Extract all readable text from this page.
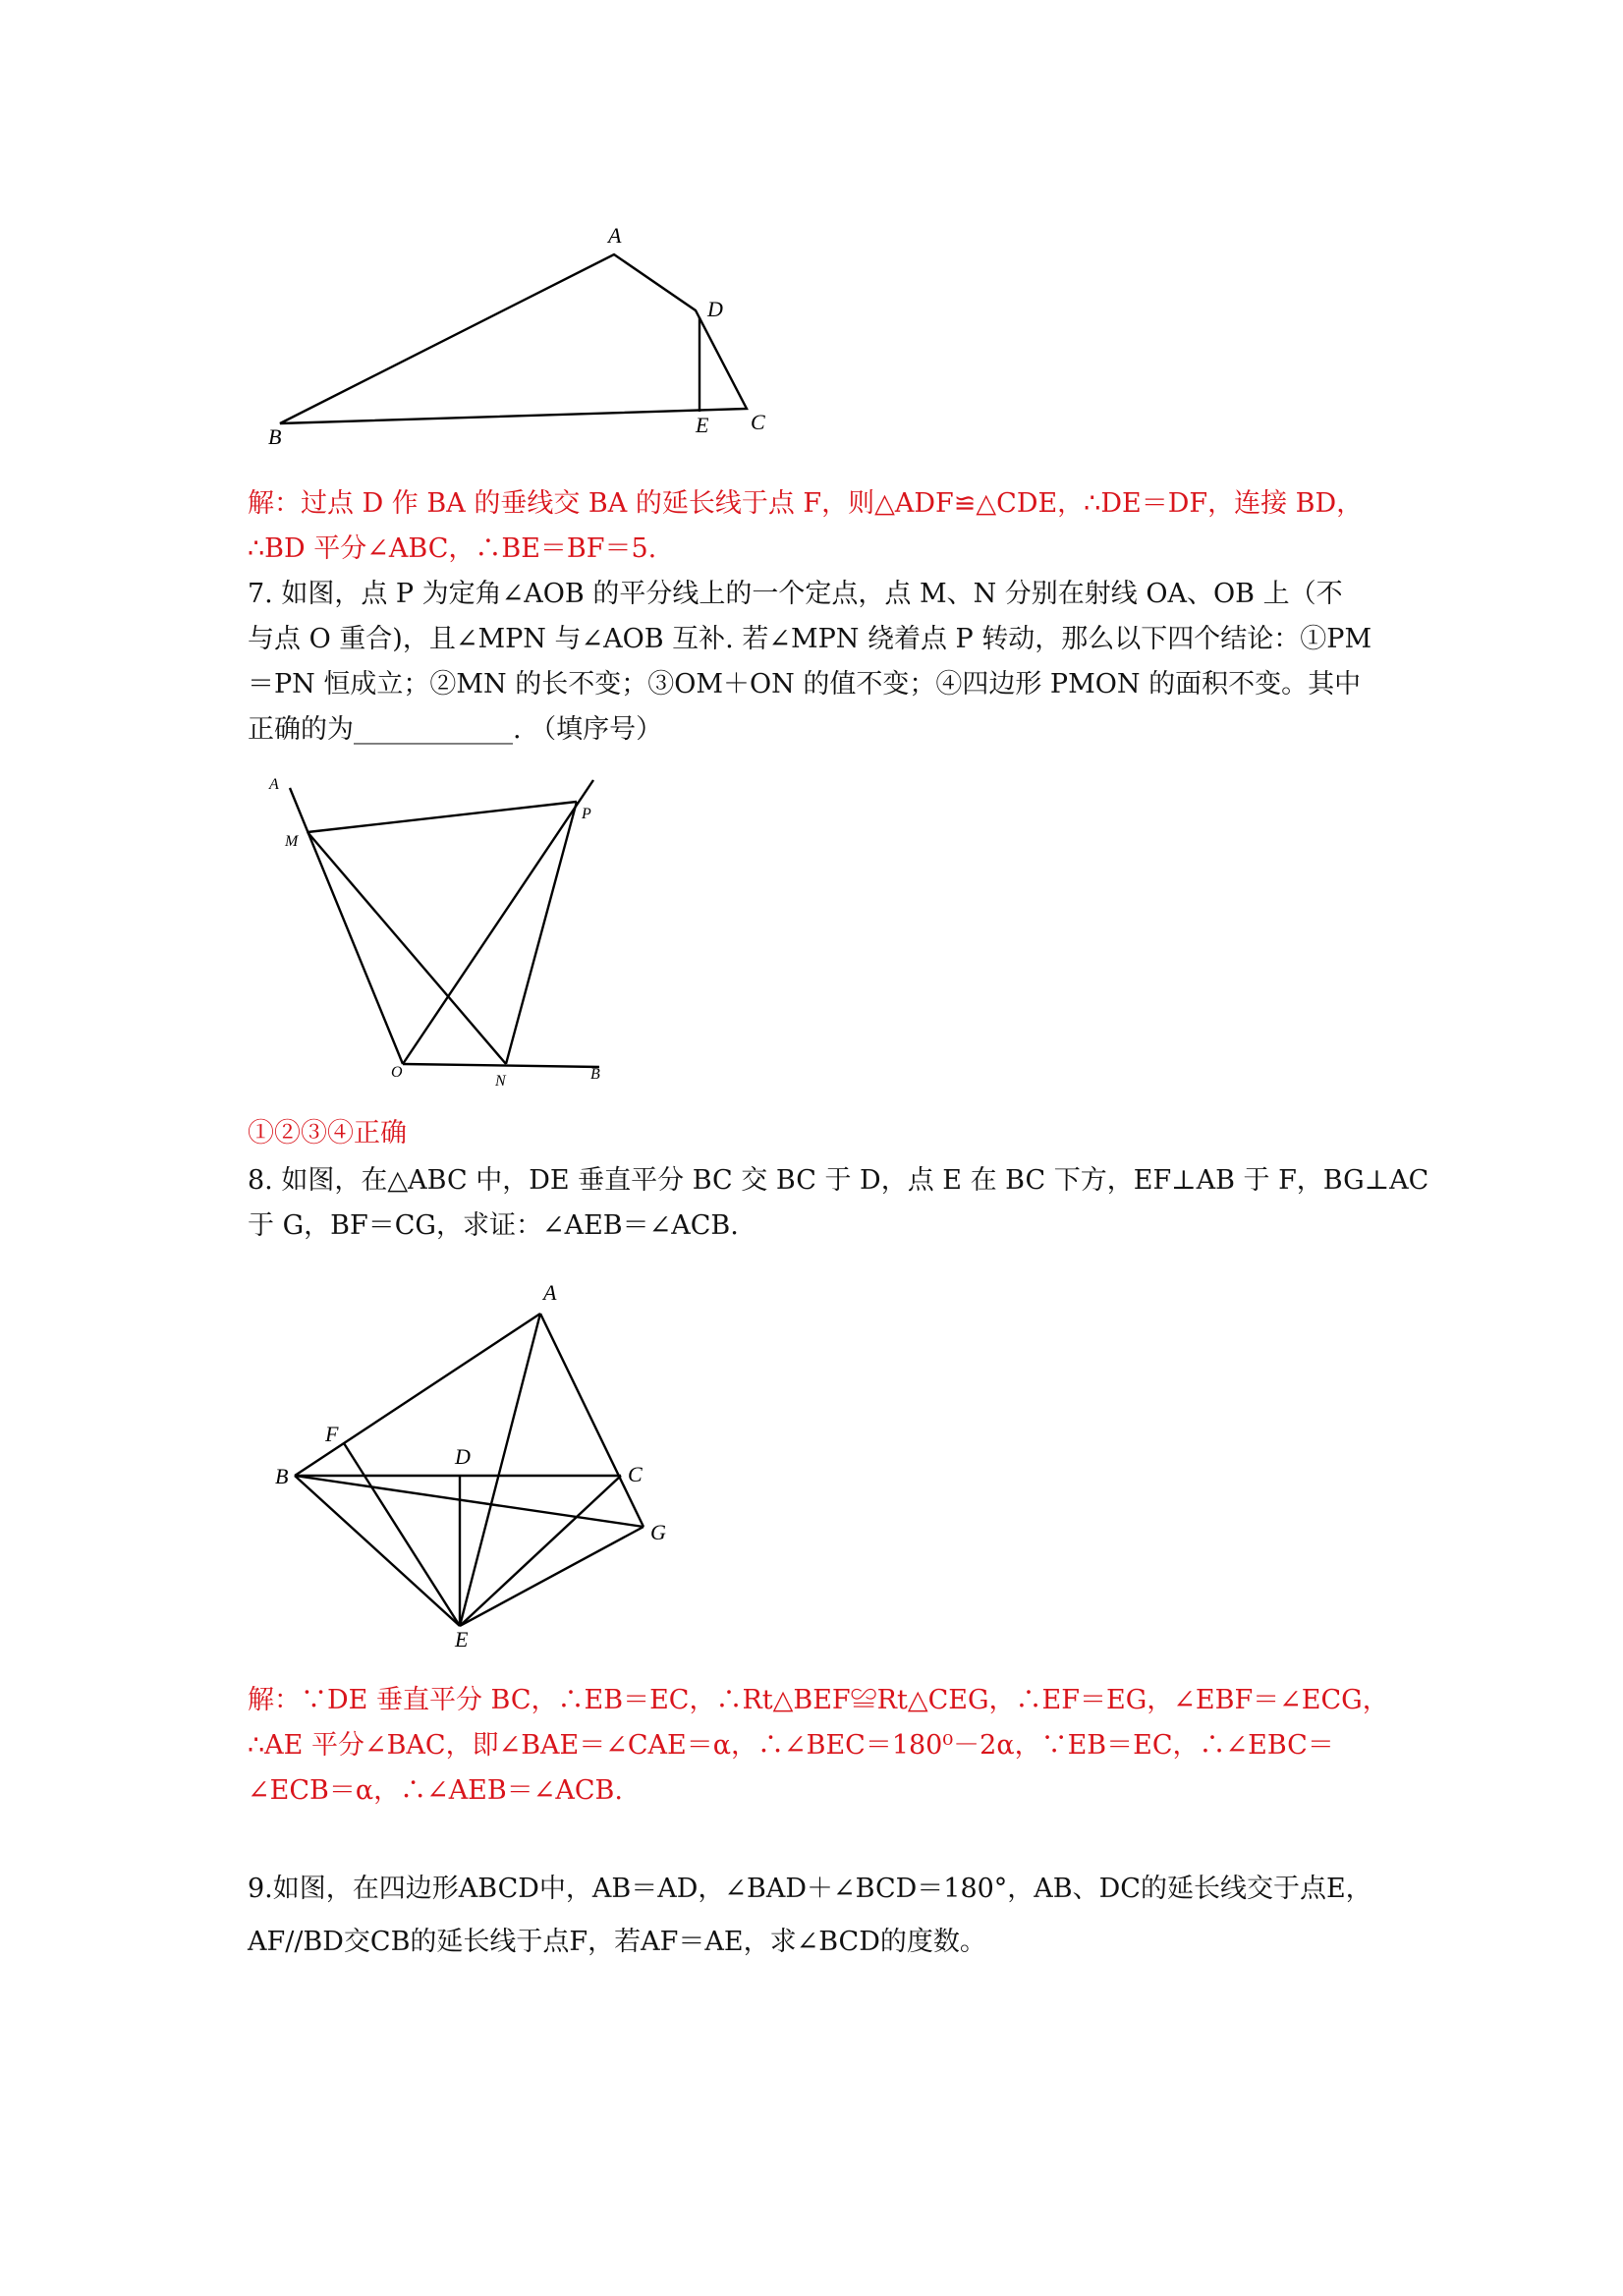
A
B
C
D
E
解：过点 D 作 BA 的垂线交 BA 的延长线于点 F，则△ADF≌△CDE，∴DE＝DF，连接 BD，
∴BD 平分∠ABC，∴BE＝BF＝5.
7. 如图，点 P 为定角∠AOB 的平分线上的一个定点，点 M、N 分别在射线 OA、OB 上（不
与点 O 重合)，且∠MPN 与∠AOB 互补. 若∠MPN 绕着点 P 转动，那么以下四个结论：①PM
＝PN 恒成立；②MN 的长不变；③OM＋ON 的值不变；④四边形 PMON 的面积不变。其中
正确的为____________. （填序号）
A
M
P
O
N	B
①②③④正确
8. 如图，在△ABC 中，DE 垂直平分 BC 交 BC 于 D，点 E 在 BC 下方，EF⊥AB 于 F，BG⊥AC
于 G，BF＝CG，求证：∠AEB＝∠ACB.
A
F
B
D
C
G
E
解：∵DE 垂直平分 BC，∴EB＝EC，∴Rt△BEF≌Rt△CEG，∴EF＝EG，∠EBF＝∠ECG，
∴AE 平分∠BAC，即∠BAE＝∠CAE＝α，∴∠BEC＝180⁰－2α，∵EB＝EC，∴∠EBC＝
∠ECB＝α，∴∠AEB＝∠ACB.
9.如图，在四边形ABCD中，AB＝AD，∠BAD＋∠BCD＝180°，AB、DC的延长线交于点E，
AF//BD交CB的延长线于点F，若AF＝AE，求∠BCD的度数。
